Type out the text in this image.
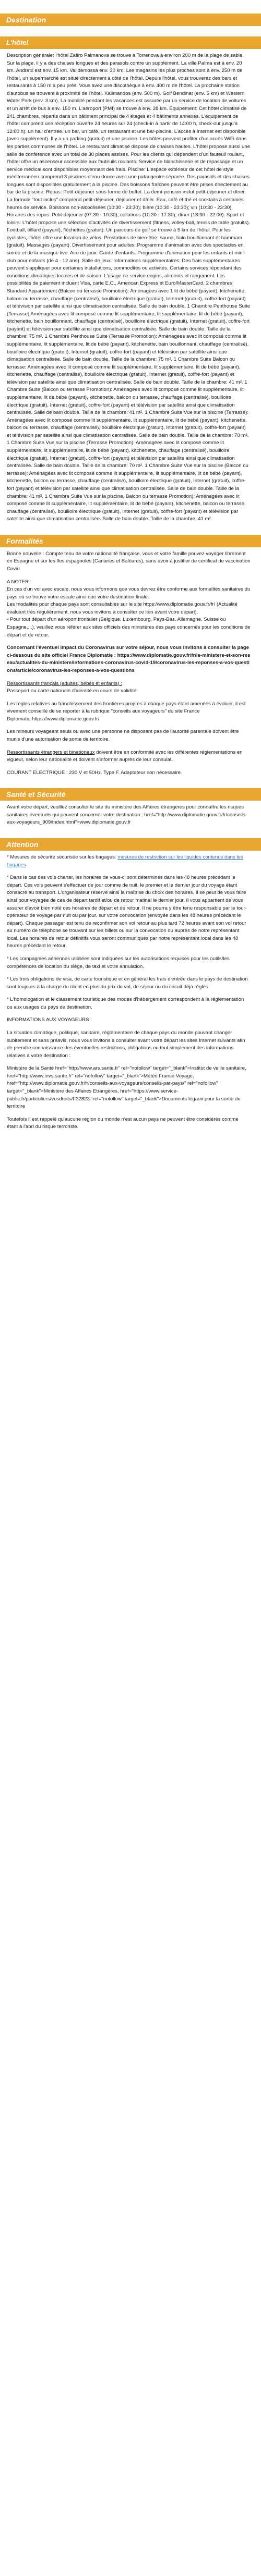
Destination
L'hôtel

Description générale: l'hôtel Zafiro Palmanova se trouve à Torrenova à environ 200 m de la plage de sable. Sur la plage, il y a des chaises longues et des parasols contre un supplément. La ville Palma est à env. 20 km. Andratx est env. 15 km. Valldemossa env. 30 km. Les magasins les plus proches sont à env. 250 m de l'hôtel, un supermarché est situé directement à côté de l'hôtel. Depuis l'hôtel, vous trouverez des bars et restaurants à 150 m à peu près. Vous avez une discothèque à env. 400 m de l'hôtel. La prochaine station d'autobus se trouvent à proximité de l'hôtel. Kalimandos (env. 500 m). Golf Bendinat (env. 5 km) et Western Water Park (env. 3 km). La mobilité pendant les vacances est assurée par un service de location de voitures et un arrêt de bus à env. 150 m. L'aéroport (PMI) se trouve à env. 28 km. Équipement: Cet hôtel climatisé de 241 chambres, répartis dans un bâtiment principal de 4 étages et 4 bâtiments annexes. L'équipement de l'hôtel comprend une réception ouverte 24 heures sur 24 (check-in à partir de 14:00 h, check-out jusqu'à 12:00 h), un hall d'entrée, un bar, un café, un restaurant et une bar-piscine. L'accès à Internet est disponible (avec supplément). Il y a un parking (gratuit) et une piscine. Les hôtes peuvent profiter d'un accès WiFi dans les parties communes de l'hôtel. Le restaurant climatisé dispose de chaises hautes. L'hôtel propose aussi une salle de conférence avec un total de 30 places assises. Pour les clients qui dépendent d'un fauteuil roulant, l'hôtel offre un ascenseur accessible aux fauteuils roulants. Service de blanchisserie et de repassage et un service médical sont disponibles moyennant des frais. Piscine: L'espace extérieur de cet hôtel de style méditerranéen comprend 3 piscines d'eau douce avec une pataugeoire séparée. Des parasols et des chaises longues sont disponibles gratuitement à la piscine. Des boissons fraîches peuvent être prises directement au bar de la piscine. Repas: Petit-déjeuner sous forme de buffet. La demi-pension inclut petit-déjeuner et dîner. La formule "tout inclus" comprend petit-déjeuner, déjeuner et dîner. Eau, café et thé et cocktails à certaines heures de service. Boissons non-alcoolisées (10:30 - 23:30); bière (10:30 - 23:30); vin (10:30 - 23:30). Horaires des repas: Petit-déjeuner (07:30 - 10:30); collations (10:30 - 17:30); dîner (18:30 - 22:00). Sport et loisirs: L'hôtel propose une sélection d'activités de divertissement (fitness, volley-ball, tennis de table gratuits). Football, billard (payant), fléchettes (gratuit). Un parcours de golf se trouve à 5 km de l'hôtel. Pour les cyclistes, l'hôtel offre une location de vélos. Prestations de bien-être: sauna, bain bouillonnant et hammam (gratuit). Massages (payant). Divertissement pour adultes: Programme d'animation avec des spectacles en soirée et de la musique live. Aire de jeux. Garde d'enfants. Programme d'animation pour les enfants et mini-club pour enfants (de 4 - 12 ans). Salle de jeux. Informations supplémentaires: Des frais supplémentaires peuvent s'appliquer pour certaines installations, commodités ou activités. Certains services répondant des conditions climatiques locales et de saison. L'usage de service engins, aliments et rangement. Les possibilités de paiement incluent Visa, carte E.C., American Express et Euro/MasterCard. 2 chambres Standard Appartement (Balcon ou terrasse Promotion): Aménagées avec 1 lit de bébé (payant), kitchenette, balcon ou terrasse, chauffage (centralisé), bouilloire électrique (gratuit), Internet (gratuit), coffre-fort (payant) et télévision par satellite ainsi que climatisation centralisée. Salle de bain double. 1 Chambre Penthouse Suite (Terrasse) Aménagées avec lit composé comme lit supplémentaire, lit supplémentaire, lit de bébé (payant), kitchenette, bain bouillonnant, chauffage (centralisé), bouilloire électrique (gratuit), Internet (gratuit), coffre-fort (payant) et télévision par satellite ainsi que climatisation centralisée. Salle de bain double. Taille de la chambre: 75 m². 1 Chambre Penthouse Suite (Terrasse Promotion): Aménagées avec lit composé comme lit supplémentaire, lit supplémentaire, lit de bébé (payant), kitchenette, bain bouillonnant, chauffage (centralisé), bouilloire électrique (gratuit), Internet (gratuit), coffre-fort (payant) et télévision par satellite ainsi que climatisation centralisée. Salle de bain double. Taille de la chambre: 75 m². 1 Chambre Suite Balcon ou terrasse: Aménagées avec lit composé comme lit supplémentaire, lit supplémentaire, lit de bébé (payant), kitchenette, chauffage (centralisé), bouilloire électrique (gratuit), Internet (gratuit), coffre-fort (payant) et télévision par satellite ainsi que climatisation centralisée. Salle de bain double. Taille de la chambre: 41 m². 1 Chambre Suite (Balcon ou terrasse Promotion): Aménagées avec lit composé comme lit supplémentaire, lit supplémentaire, lit de bébé (payant), kitchenette, balcon ou terrasse, chauffage (centralisé), bouilloire électrique (gratuit), Internet (gratuit), coffre-fort (payant) et télévision par satellite ainsi que climatisation centralisée. Salle de bain double. Taille de la chambre: 41 m². 1 Chambre Suite Vue sur la piscine (Terrasse): Aménagées avec lit composé comme lit supplémentaire, lit supplémentaire, lit de bébé (payant), kitchenette, balcon ou terrasse, chauffage (centralisé), bouilloire électrique (gratuit), Internet (gratuit), coffre-fort (payant) et télévision par satellite ainsi que climatisation centralisée. Salle de bain double. Taille de la chambre: 70 m². 1 Chambre Suite Vue sur la piscine (Terrasse Promotion): Aménagées avec lit composé comme lit supplémentaire, lit supplémentaire, lit de bébé (payant), kitchenette, chauffage (centralisé), bouilloire électrique (gratuit), Internet (gratuit), coffre-fort (payant) et télévision par satellite ainsi que climatisation centralisée. Salle de bain double. Taille de la chambre: 70 m². 1 Chambre Suite Vue sur la piscine (Balcon ou terrasse): Aménagées avec lit composé comme lit supplémentaire, lit supplémentaire, lit de bébé (payant), kitchenette, balcon ou terrasse, chauffage (centralisé), bouilloire électrique (gratuit), Internet (gratuit), coffre-fort (payant) et télévision par satellite ainsi que climatisation centralisée. Salle de bain double. Taille de la chambre: 41 m². 1 Chambre Suite Vue sur la piscine, Balcon ou terrasse Promotion): Aménagées avec lit composé comme lit supplémentaire, lit supplémentaire, lit de bébé (payant), kitchenette, balcon ou terrasse, chauffage (centralisé), bouilloire électrique (gratuit), Internet (gratuit), coffre-fort (payant) et télévision par satellite ainsi que climatisation centralisée. Salle de bain double. Taille de la chambre: 41 m².

Formalités

Bonne nouvelle : Compte tenu de votre nationalité française, vous et votre famille pouvez voyager librement en Espagne et sur les îles espagnoles (Canaries et Baléares), sans avoir à justifier de certificat de vaccination Covid.

A NOTER :
En cas d'un vol avec escale, nous vous informons que vous devrez être conforme aux formalités sanitaires du pays où se trouve votre escale ainsi que votre destination finale.
Les modalités pour chaque pays sont consultables sur le site https://www.diplomatie.gouv.fr/fr/ (Actualité évaluant très régulièrement, nous vous invitons à consulter ce lien avant votre départ).
- Pour tout départ d'un aéroport frontalier (Belgique, Luxembourg, Pays-Bas, Allemagne, Suisse ou Espagne,...), veuillez vous référer aux sites officiels des ministères des pays concernés pour les conditions de départ et de retour.

Concernant l'éventuel impact du Coronavirus sur votre séjour, nous vous invitons à consulter la page ci-dessous du site officiel France Diplomatie : https://www.diplomatie.gouv.fr/fr/le-ministere-et-son-reseau/actualites-du-ministere/informations-coronavirus-covid-19/coronavirus-les-reponses-a-vos-questions/article/coronavirus-les-reponses-a-vos-questions

Ressortissants français (adultes, bébés et enfants) :
Passeport ou carte nationale d'identité en cours de validité.

Les règles relatives au franchissement des frontières propres à chaque pays étant amenées à évoluer, il est vivement conseillé de se reporter à la rubrique "conseils aux voyageurs" du site France Diplomatie:https://www.diplomatie.gouv.fr/

Les mineurs voyageant seuls ou avec une personne ne disposant pas de l'autorité parentale doivent être munis d'une autorisation de sortie de territoire.

Ressortissants étrangers et binationaux doivent être en conformité avec les différentes réglementations en vigueur, selon leur nationalité et doivent s'informer auprès de leur consulat.

COURANT ELECTRIQUE : 230 V et 50Hz. Type F. Adaptateur non nécessaire.

Santé et Sécurité

Avant votre départ, veuillez consulter le site du ministère des Affaires étrangères pour connaître les risques sanitaires éventuels qui peuvent concerner votre destination : href="http://www.diplomatie.gouv.fr/fr/conseils-aux-voyageurs_909/index.html">www.diplomatie.gouv.fr

Attention

* Mesures de sécurité sécurisée sur les bagages: mesures de restriction sur les liquides contenus dans les bagages

* Dans le cas des vols charter, les horaires de vous-ci sont déterminés dans les 48 heures précédant le départ. Ces vols peuvent s'effectuer de jour comme de nuit, le premier et le dernier jour du voyage étant consacré au transport. L'organisateur réservé ainsi la maîtrise du choix des horaires. Il se peut de vous faire ainsi pour voyagée de ces de départ tardif et/ou de retour matinal le dernier jour. Il vous appartient de vous assurer d'avoir bien noté ces horaires de départ et de retour. Il ne pourra y être tenu responsable par le tour-opérateur de voyage par nuit ou par jour, sur votre convocation (envoyée dans les 48 heures précédant le départ). Chaque passager est tenu de reconfirmer son vol retour au plus tard 72 heures avant son vol retour au numéro de téléphone se trouvant sur les billets ou sur la convocation ou auprès de notre représentant local. Les horaires de retour définitifs vous seront communiqués par notre représentant local dans les 48 heures précédant le retour.

* Les compagnies aériennes utilisées sont indiquées sur les autorisations requises pour les outils/les compétences de location du siège, de taxi et votre annulation.

* Les trois obligations de visa, de carte touristique et en général les frais d'entrée dans le pays de destination sont toujours à la charge du client en plus du prix du vol, de séjour ou du circuit déjà réglés.

* L'homologation et le classement touristique des modes d'hébergement correspondent à la réglementation ou aux usages du pays de destination.

INFORMATIONS AUX VOYAGEURS :

La situation climatique, politique, sanitaire, réglementaire de chaque pays du monde pouvant changer subitement et sans préavis, nous vous invitons à consulter avant votre départ les sites Internet suivants afin de prendre connaissance des éventuelles restrictions, obligations ou tout simplement des informations relatives à votre destination :

Ministère de la Santé href="http://www.ars.sante.fr" rel="nofollow" target="_blank">Institut de veille sanitaire, href="http://www.invs.sante.fr" rel="nofollow" target="_blank">Météo France Voyage, href="http://www.diplomatie.gouv.fr/fr/conseils-aux-voyageurs/conseils-par-pays/" rel="nofollow" target="_blank">Ministère des Affaires Etrangères, href="https://www.service-public.fr/particuliers/vosdroits/F32823" rel="nofollow" target="_blank">Documents légaux pour la sortie du territoire

Toutefois il est rappelé qu'aucune région du monde n'est aucun pays ne peuvent être considérés comme étant à l'abri du risque terroriste.
